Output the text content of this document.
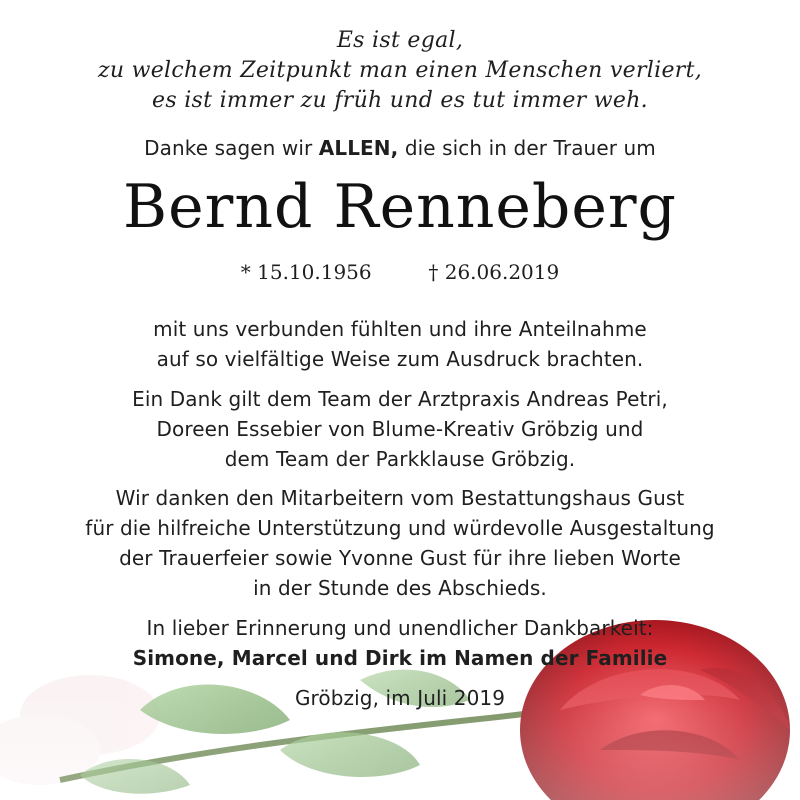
Es ist egal,
zu welchem Zeitpunkt man einen Menschen verliert,
es ist immer zu früh und es tut immer weh.
Danke sagen wir ALLEN, die sich in der Trauer um
Bernd Renneberg
* 15.10.1956	† 26.06.2019
mit uns verbunden fühlten und ihre Anteilnahme
auf so vielfältige Weise zum Ausdruck brachten.
Ein Dank gilt dem Team der Arztpraxis Andreas Petri,
Doreen Essebier von Blume-Kreativ Gröbzig und
dem Team der Parkklause Gröbzig.
Wir danken den Mitarbeitern vom Bestattungshaus Gust
für die hilfreiche Unterstützung und würdevolle Ausgestaltung
der Trauerfeier sowie Yvonne Gust für ihre lieben Worte
in der Stunde des Abschieds.
In lieber Erinnerung und unendlicher Dankbarkeit:
Simone, Marcel und Dirk im Namen der Familie
Gröbzig, im Juli 2019
